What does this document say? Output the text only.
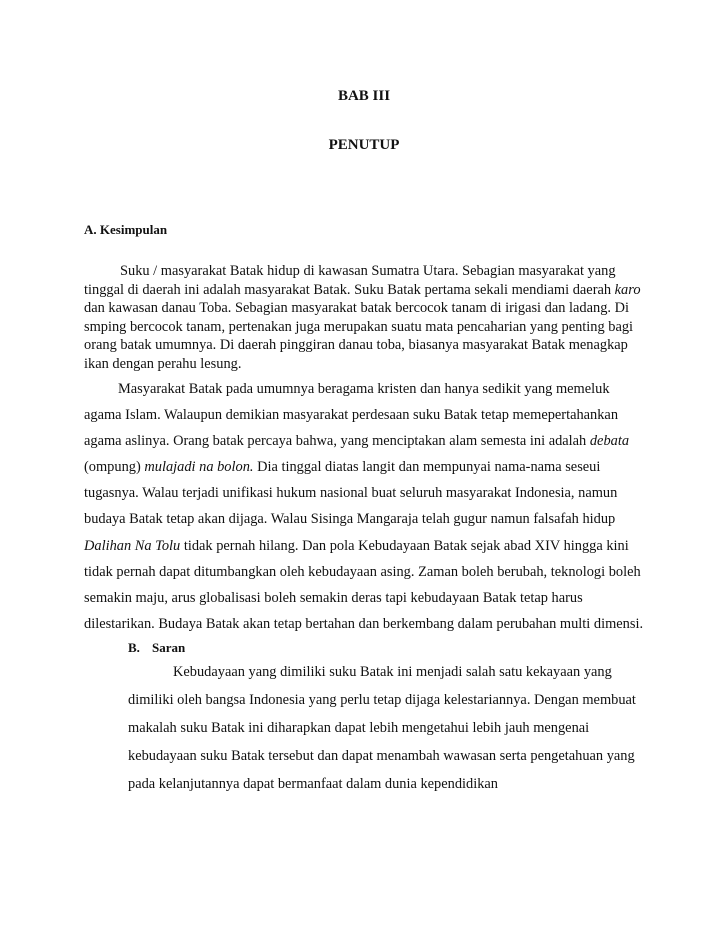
BAB III
PENUTUP
A. Kesimpulan
Suku / masyarakat Batak hidup di kawasan Sumatra Utara. Sebagian masyarakat yang
tinggal di daerah ini adalah masyarakat Batak. Suku Batak pertama sekali mendiami daerah karo
dan kawasan danau Toba. Sebagian masyarakat batak bercocok tanam di irigasi dan ladang. Di
smping bercocok tanam, pertenakan juga merupakan suatu mata pencaharian yang penting bagi
orang batak umumnya. Di daerah pinggiran danau toba, biasanya masyarakat Batak menagkap
ikan dengan perahu lesung.
Masyarakat Batak pada umumnya beragama kristen dan hanya sedikit yang memeluk
agama Islam. Walaupun demikian masyarakat perdesaan suku Batak tetap memepertahankan
agama aslinya. Orang batak percaya bahwa, yang menciptakan alam semesta ini adalah debata
(ompung) mulajadi na bolon. Dia tinggal diatas langit dan mempunyai nama-nama seseui
tugasnya. Walau terjadi unifikasi hukum nasional buat seluruh masyarakat Indonesia, namun
budaya Batak tetap akan dijaga. Walau Sisinga Mangaraja telah gugur namun falsafah hidup
Dalihan Na Tolu tidak pernah hilang. Dan pola Kebudayaan Batak sejak abad XIV hingga kini
tidak pernah dapat ditumbangkan oleh kebudayaan asing. Zaman boleh berubah, teknologi boleh
semakin maju, arus globalisasi boleh semakin deras tapi kebudayaan Batak tetap harus
dilestarikan. Budaya Batak akan tetap bertahan dan berkembang dalam perubahan multi dimensi.
B. Saran
Kebudayaan yang dimiliki suku Batak ini menjadi salah satu kekayaan yang
dimiliki oleh bangsa Indonesia yang perlu tetap dijaga kelestariannya. Dengan membuat
makalah suku Batak ini diharapkan dapat lebih mengetahui lebih jauh mengenai
kebudayaan suku Batak tersebut dan dapat menambah wawasan serta pengetahuan yang
pada kelanjutannya dapat bermanfaat dalam dunia kependidikan
